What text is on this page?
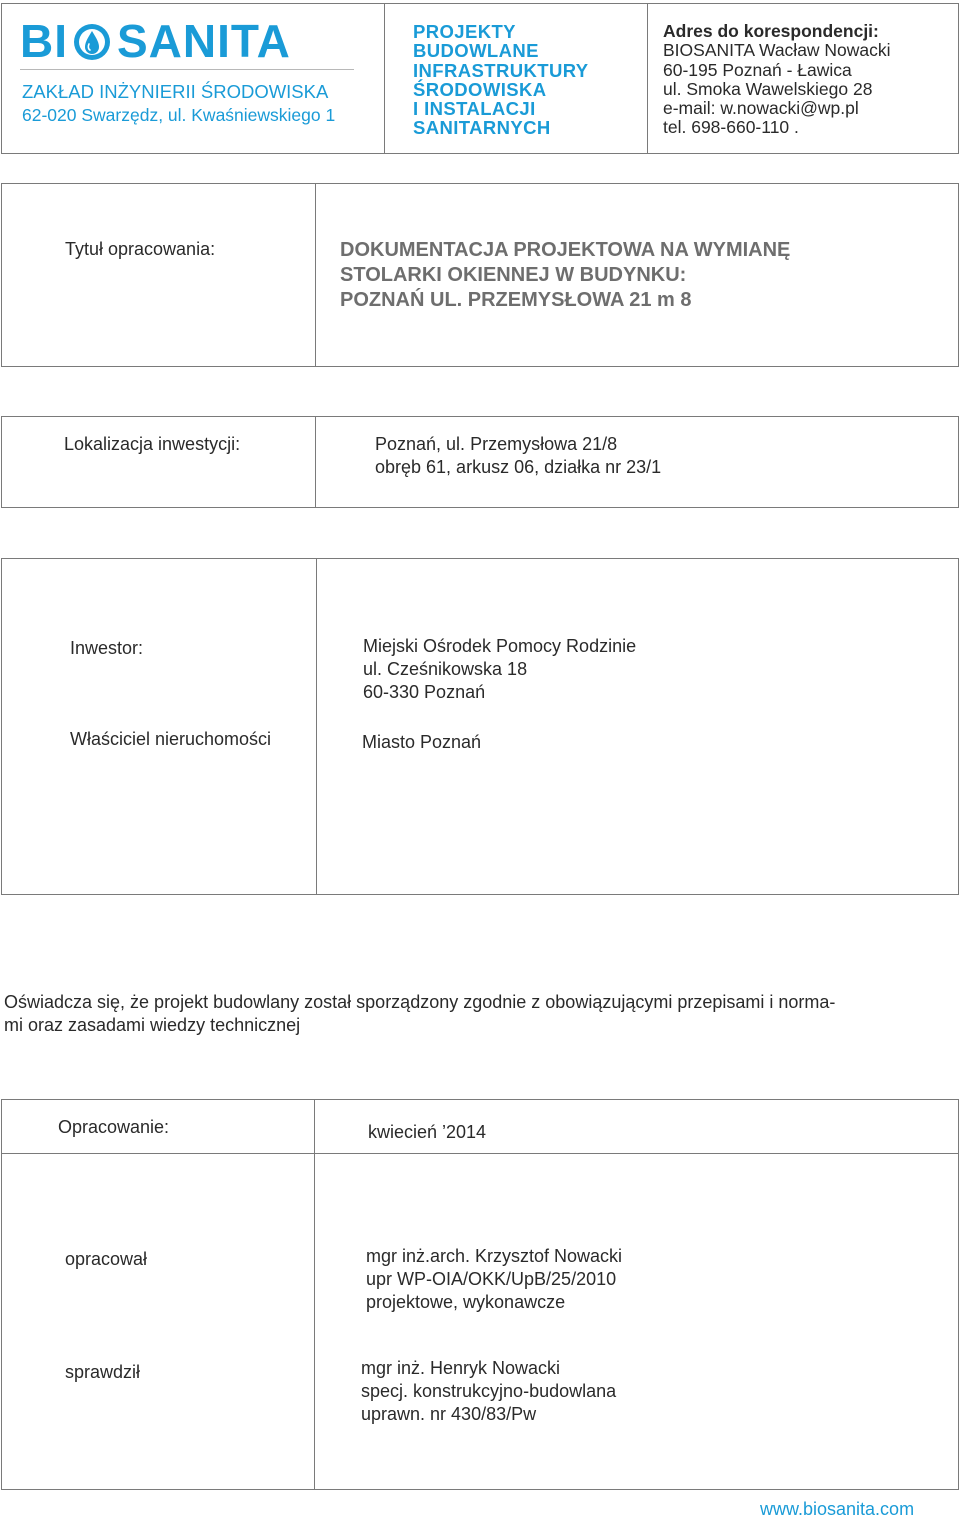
BI SANITA
ZAKŁAD INŻYNIERII ŚRODOWISKA
62-020 Swarzędz, ul. Kwaśniewskiego 1
PROJEKTY
BUDOWLANE
INFRASTRUKTURY
ŚRODOWISKA
I INSTALACJI
SANITARNYCH
Adres do korespondencji:
BIOSANITA Wacław Nowacki
60-195 Poznań - Ławica
ul. Smoka Wawelskiego 28
e-mail: w.nowacki@wp.pl
tel. 698-660-110 .
Tytuł opracowania:	DOKUMENTACJA PROJEKTOWA NA WYMIANĘ
STOLARKI OKIENNEJ W BUDYNKU:
POZNAŃ UL. PRZEMYSŁOWA 21 m 8
Lokalizacja inwestycji:	Poznań, ul. Przemysłowa 21/8
obręb 61, arkusz 06, działka nr 23/1
Inwestor:	Miejski Ośrodek Pomocy Rodzinie
ul. Cześnikowska 18
60-330 Poznań
Właściciel nieruchomości	Miasto Poznań
Oświadcza się, że projekt budowlany został sporządzony zgodnie z obowiązującymi przepisami i norma-
mi oraz zasadami wiedzy technicznej
Opracowanie:	kwiecień ’2014
opracował	mgr inż.arch. Krzysztof Nowacki
upr WP-OIA/OKK/UpB/25/2010
projektowe, wykonawcze
sprawdził	mgr inż. Henryk Nowacki
specj. konstrukcyjno-budowlana
uprawn. nr 430/83/Pw
www.biosanita.com
